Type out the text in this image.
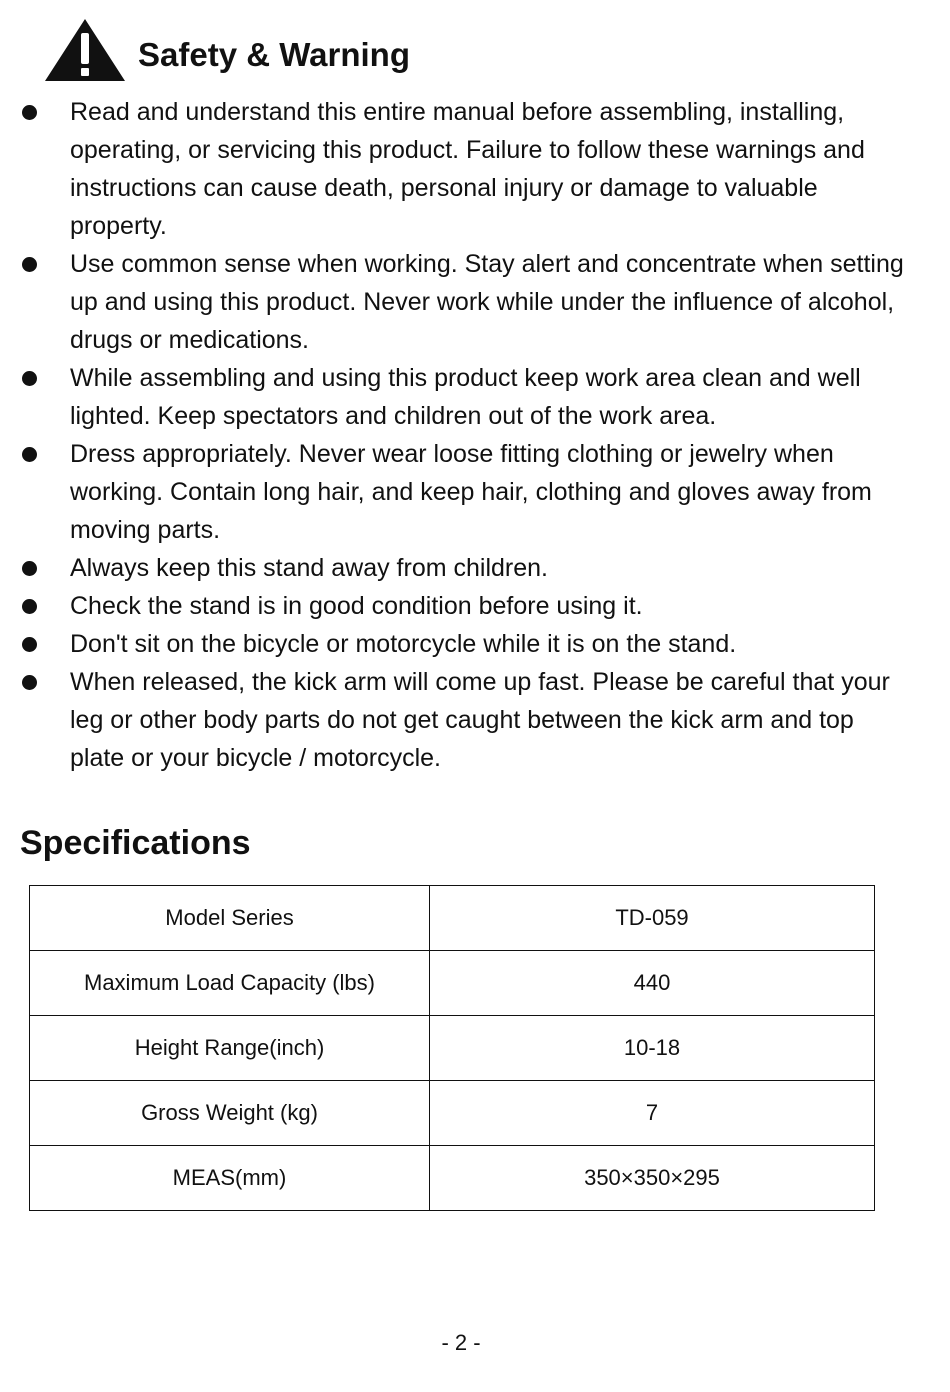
Safety & Warning
Read and understand this entire manual before assembling, installing, operating, or servicing this product. Failure to follow these warnings and instructions can cause death, personal injury or damage to valuable property.
Use common sense when working. Stay alert and concentrate when setting up and using this product. Never work while under the influence of alcohol, drugs or medications.
While assembling and using this product keep work area clean and well lighted. Keep spectators and children out of the work area.
Dress appropriately. Never wear loose fitting clothing or jewelry when working. Contain long hair, and keep hair, clothing and gloves away from moving parts.
Always keep this stand away from children.
Check the stand is in good condition before using it.
Don't sit on the bicycle or motorcycle while it is on the stand.
When released, the kick arm will come up fast. Please be careful that your leg or other body parts do not get caught between the kick arm and top plate or your bicycle / motorcycle.
Specifications
Model Series	TD-059
Maximum Load Capacity (lbs)	440
Height Range(inch)	10-18
Gross Weight (kg)	7
MEAS(mm)	350×350×295
- 2 -
